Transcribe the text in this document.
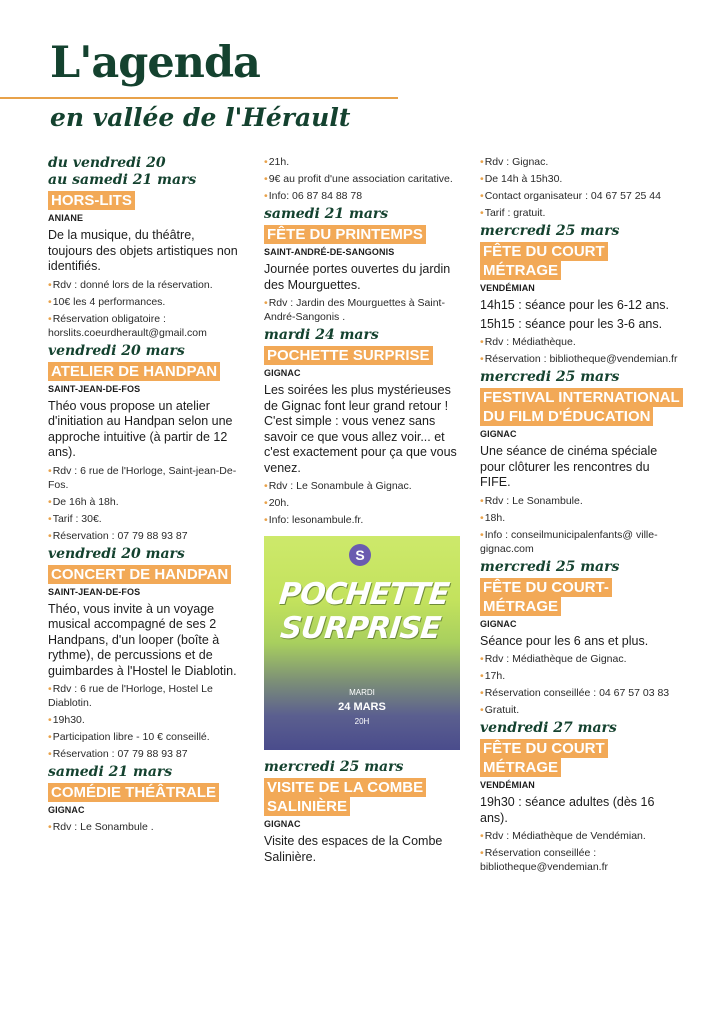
L'agenda
en vallée de l'Hérault
du vendredi 20
au samedi 21 mars
HORS-LITS
ANIANE
De la musique, du théâtre, toujours des objets artistiques non identifiés.
• Rdv : donné lors de la réservation.
• 10€ les 4 performances.
• Réservation obligatoire : horslits.coeurdherault@gmail.com
vendredi 20 mars
ATELIER DE HANDPAN
SAINT-JEAN-DE-FOS
Théo vous propose un atelier d'initiation au Handpan selon une approche intuitive (à partir de 12 ans).
• Rdv : 6 rue de l'Horloge, Saint-jean-De-Fos.
• De 16h à 18h.
• Tarif : 30€.
• Réservation : 07 79 88 93 87
vendredi 20 mars
CONCERT DE HANDPAN
SAINT-JEAN-DE-FOS
Théo, vous invite à un voyage musical accompagné de ses 2 Handpans, d'un looper (boîte à rythme), de percussions et de guimbardes à l'Hostel le Diablotin.
• Rdv : 6 rue de l'Horloge, Hostel Le Diablotin.
• 19h30.
• Participation libre - 10 € conseillé.
• Réservation : 07 79 88 93 87
samedi 21 mars
COMÉDIE THÉÂTRALE
GIGNAC
• Rdv : Le Sonambule .
• 21h.
• 9€ au profit d'une association caritative.
• Info: 06 87 84 88 78
samedi 21 mars
FÊTE DU PRINTEMPS
SAINT-ANDRÉ-DE-SANGONIS
Journée portes ouvertes du jardin des Mourguettes.
• Rdv : Jardin des Mourguettes à Saint-André-Sangonis .
mardi 24 mars
POCHETTE SURPRISE
GIGNAC
Les soirées les plus mystérieuses de Gignac font leur grand retour ! C'est simple : vous venez sans savoir ce que vous allez voir... et c'est exactement pour ça que vous venez.
• Rdv : Le Sonambule à Gignac.
• 20h.
• Info: lesonambule.fr.
S
POCHETTE
SURPRISE
MARDI
24 MARS
20H
mercredi 25 mars
VISITE DE LA COMBE SALINIÈRE
GIGNAC
Visite des espaces de la Combe Salinière.
• Rdv : Gignac.
• De 14h à 15h30.
• Contact organisateur : 04 67 57 25 44
• Tarif : gratuit.
mercredi 25 mars
FÊTE DU COURT MÉTRAGE
VENDÉMIAN
14h15 : séance pour les 6-12 ans.
15h15 : séance pour les 3-6 ans.
• Rdv : Médiathèque.
• Réservation : bibliotheque@vendemian.fr
mercredi 25 mars
FESTIVAL INTERNATIONAL DU FILM D'ÉDUCATION
GIGNAC
Une séance de cinéma spéciale pour clôturer les rencontres du FIFE.
• Rdv : Le Sonambule.
• 18h.
• Info : conseilmunicipalenfants@ ville-gignac.com
mercredi 25 mars
FÊTE DU COURT-MÉTRAGE
GIGNAC
Séance pour les 6 ans et plus.
• Rdv : Médiathèque de Gignac.
• 17h.
• Réservation conseillée : 04 67 57 03 83
• Gratuit.
vendredi 27 mars
FÊTE DU COURT MÉTRAGE
VENDÉMIAN
19h30 : séance adultes (dès 16 ans).
• Rdv : Médiathèque de Vendémian.
• Réservation conseillée : bibliotheque@vendemian.fr
